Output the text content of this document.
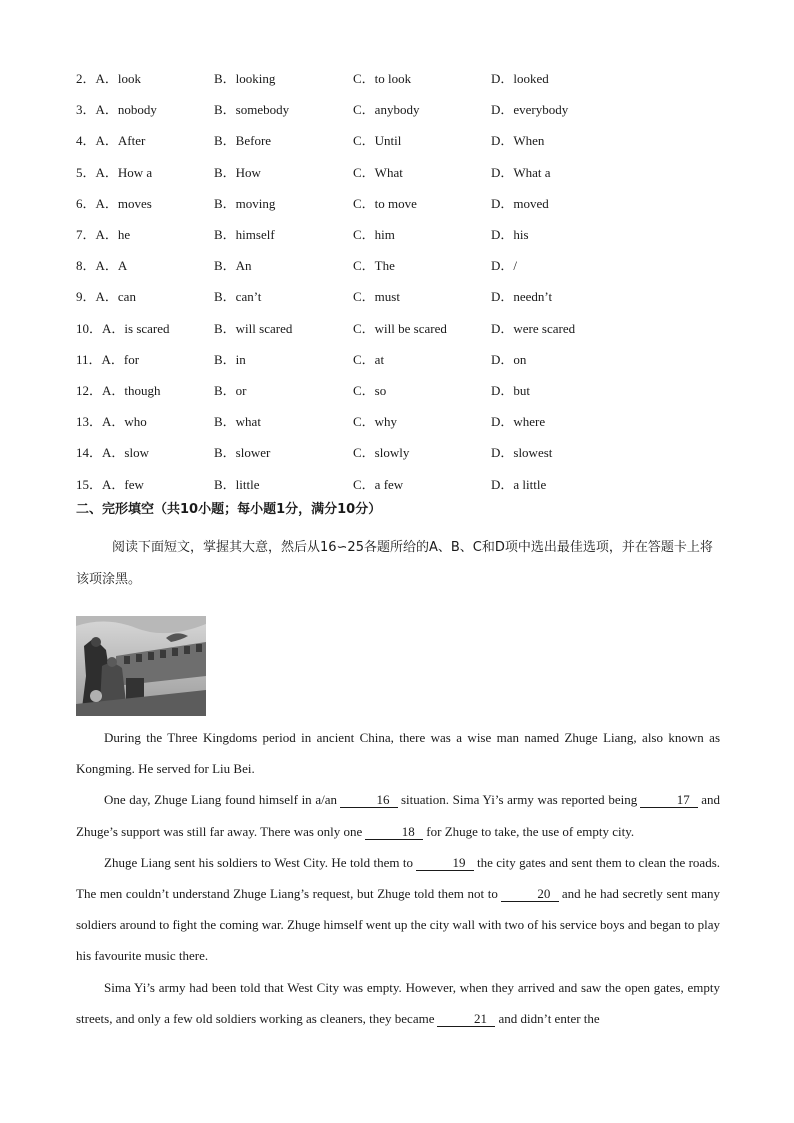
2．A．look	B．looking	C．to look	D．looked
3．A．nobody	B．somebody	C．anybody	D．everybody
4．A．After	B．Before	C．Until	D．When
5．A．How a	B．How	C．What	D．What a
6．A．moves	B．moving	C．to move	D．moved
7．A．he	B．himself	C．him	D．his
8．A．A	B．An	C．The	D．/
9．A．can	B．can’t	C．must	D．needn’t
10．A．is scared	B．will scared	C．will be scared	D．were scared
11．A．for	B．in	C．at	D．on
12．A．though	B．or	C．so	D．but
13．A．who	B．what	C．why	D．where
14．A．slow	B．slower	C．slowly	D．slowest
15．A．few	B．little	C．a few	D．a little
二、完形填空（共10小题；每小题1分，满分10分）
阅读下面短文，掌握其大意，然后从16∽25各题所给的A、B、C和D项中选出最佳选项，并在答题卡上将该项涂黑。

During the Three Kingdoms period in ancient China, there was a wise man named Zhuge Liang, also known as Kongming. He served for Liu Bei.

One day, Zhuge Liang found himself in a/an	16 situation. Sima Yi’s army was reported being	17 and Zhuge’s support was still far away. There was only one	18 for Zhuge to take, the use of empty city.

Zhuge Liang sent his soldiers to West City. He told them to	19 the city gates and sent them to clean the roads. The men couldn’t understand Zhuge Liang’s request, but Zhuge told them not to	20 and he had secretly sent many soldiers around to fight the coming war. Zhuge himself went up the city wall with two of his service boys and began to play his favourite music there.

Sima Yi’s army had been told that West City was empty. However, when they arrived and saw the open gates, empty streets, and only a few old soldiers working as cleaners, they became	21 and didn’t enter the
